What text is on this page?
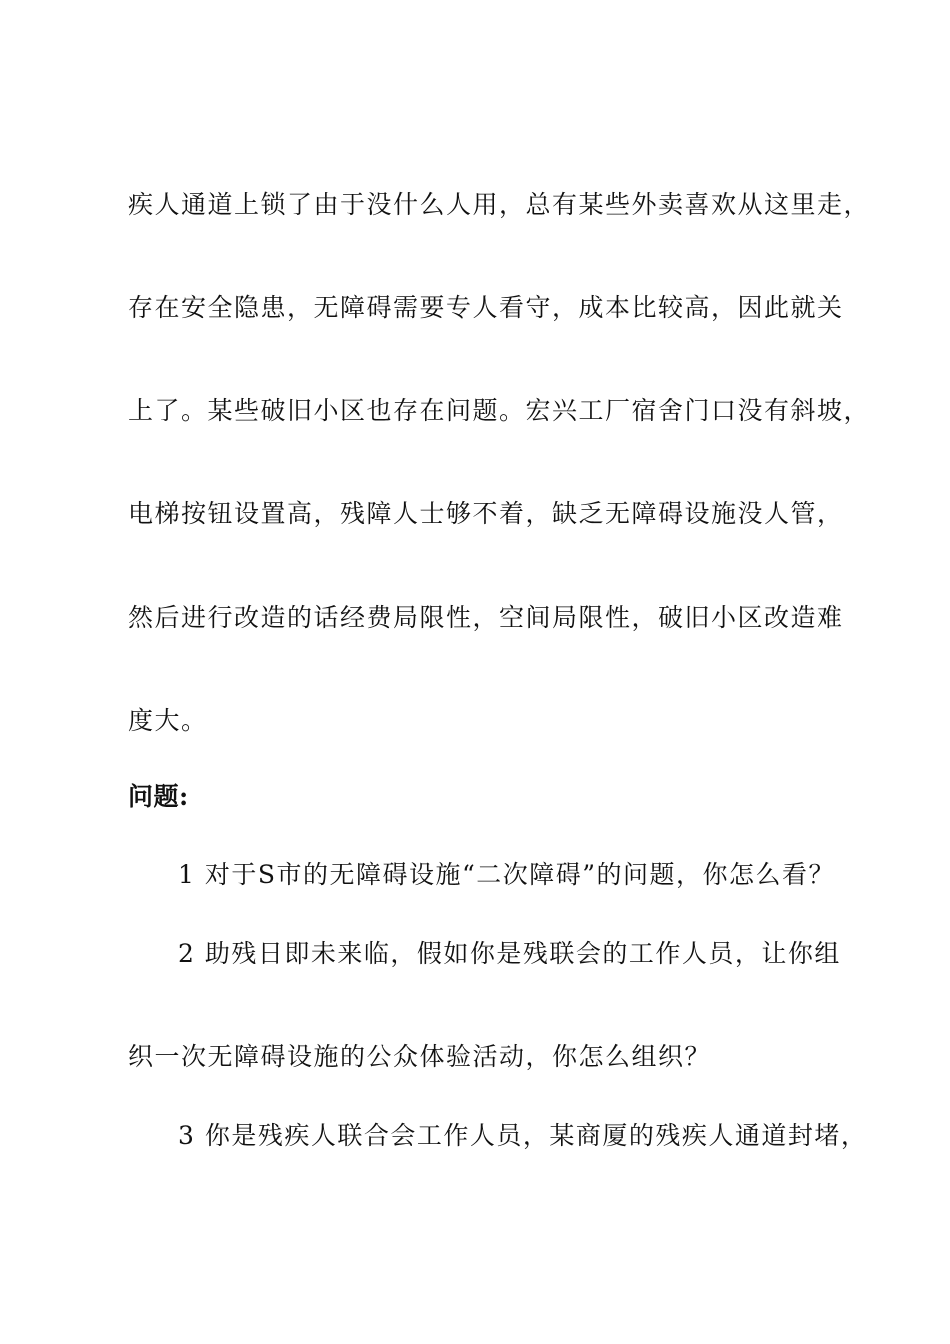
疾人通道上锁了由于没什么人用，总有某些外卖喜欢从这里走，
存在安全隐患，无障碍需要专人看守，成本比较高，因此就关
上了。某些破旧小区也存在问题。宏兴工厂宿舍门口没有斜坡，
电梯按钮设置高，残障人士够不着，缺乏无障碍设施没人管，
然后进行改造的话经费局限性，空间局限性，破旧小区改造难
度大。
问题:
1 对于S市的无障碍设施“二次障碍”的问题，你怎么看？
2 助残日即未来临，假如你是残联会的工作人员，让你组
织一次无障碍设施的公众体验活动，你怎么组织？
3 你是残疾人联合会工作人员，某商厦的残疾人通道封堵，
